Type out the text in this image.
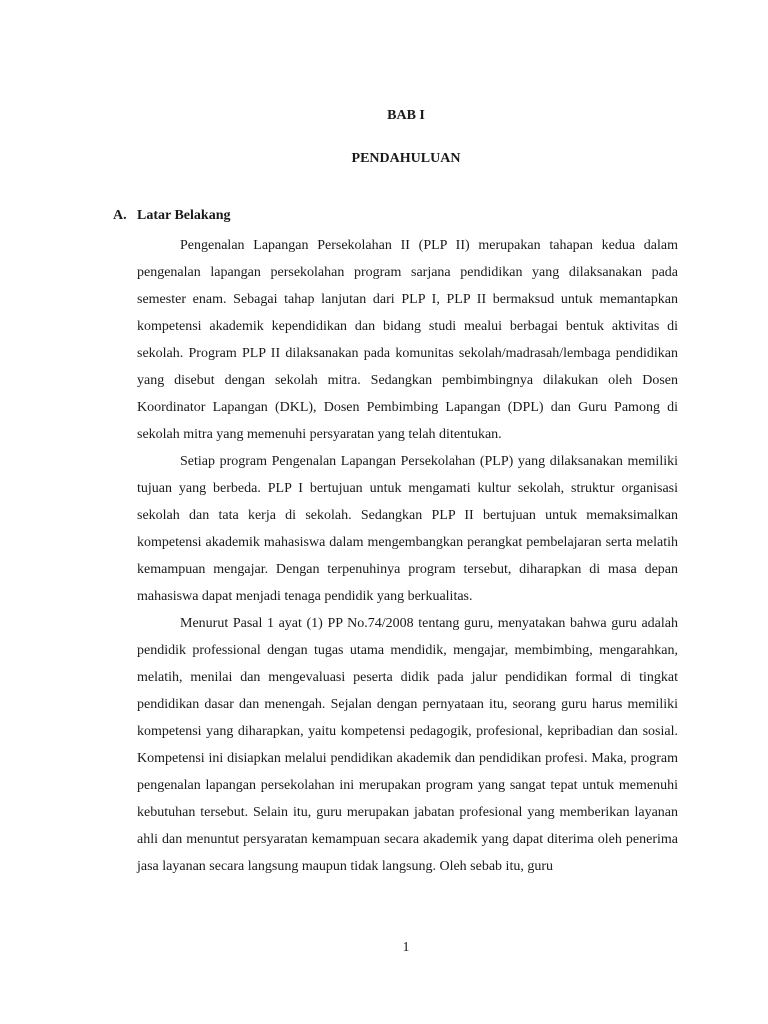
BAB I
PENDAHULUAN
A. Latar Belakang

Pengenalan Lapangan Persekolahan II (PLP II) merupakan tahapan kedua dalam pengenalan lapangan persekolahan program sarjana pendidikan yang dilaksanakan pada semester enam. Sebagai tahap lanjutan dari PLP I, PLP II bermaksud untuk memantapkan kompetensi akademik kependidikan dan bidang studi mealui berbagai bentuk aktivitas di sekolah. Program PLP II dilaksanakan pada komunitas sekolah/madrasah/lembaga pendidikan yang disebut dengan sekolah mitra. Sedangkan pembimbingnya dilakukan oleh Dosen Koordinator Lapangan (DKL), Dosen Pembimbing Lapangan (DPL) dan Guru Pamong di sekolah mitra yang memenuhi persyaratan yang telah ditentukan.

Setiap program Pengenalan Lapangan Persekolahan (PLP) yang dilaksanakan memiliki tujuan yang berbeda. PLP I bertujuan untuk mengamati kultur sekolah, struktur organisasi sekolah dan tata kerja di sekolah. Sedangkan PLP II bertujuan untuk memaksimalkan kompetensi akademik mahasiswa dalam mengembangkan perangkat pembelajaran serta melatih kemampuan mengajar. Dengan terpenuhinya program tersebut, diharapkan di masa depan mahasiswa dapat menjadi tenaga pendidik yang berkualitas.

Menurut Pasal 1 ayat (1) PP No.74/2008 tentang guru, menyatakan bahwa guru adalah pendidik professional dengan tugas utama mendidik, mengajar, membimbing, mengarahkan, melatih, menilai dan mengevaluasi peserta didik pada jalur pendidikan formal di tingkat pendidikan dasar dan menengah. Sejalan dengan pernyataan itu, seorang guru harus memiliki kompetensi yang diharapkan, yaitu kompetensi pedagogik, profesional, kepribadian dan sosial. Kompetensi ini disiapkan melalui pendidikan akademik dan pendidikan profesi. Maka, program pengenalan lapangan persekolahan ini merupakan program yang sangat tepat untuk memenuhi kebutuhan tersebut. Selain itu, guru merupakan jabatan profesional yang memberikan layanan ahli dan menuntut persyaratan kemampuan secara akademik yang dapat diterima oleh penerima jasa layanan secara langsung maupun tidak langsung. Oleh sebab itu, guru

1
